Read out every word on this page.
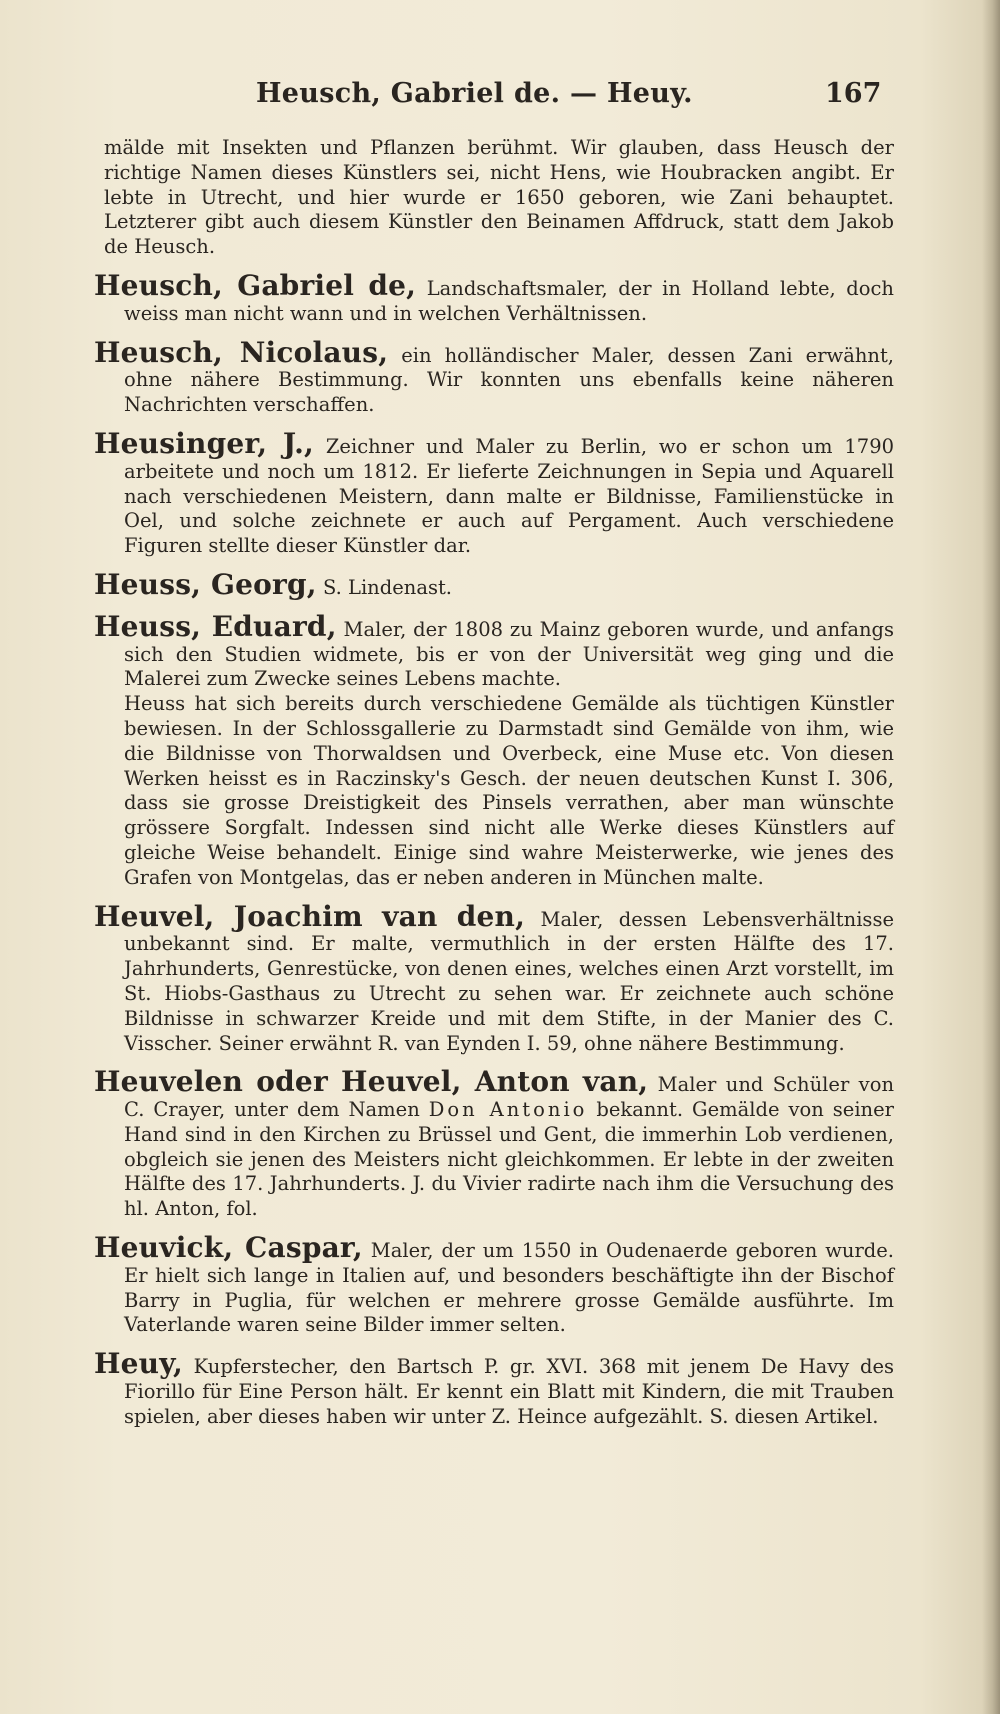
Heusch, Gabriel de. — Heuy.	167

mälde mit Insekten und Pflanzen berühmt. Wir glauben, dass Heusch der richtige Namen dieses Künstlers sei, nicht Hens, wie Houbracken angibt. Er lebte in Utrecht, und hier wurde er 1650 geboren, wie Zani behauptet. Letzterer gibt auch diesem Künstler den Beinamen Affdruck, statt dem Jakob de Heusch.

Heusch, Gabriel de, Landschaftsmaler, der in Holland lebte, doch weiss man nicht wann und in welchen Verhältnissen.

Heusch, Nicolaus, ein holländischer Maler, dessen Zani erwähnt, ohne nähere Bestimmung. Wir konnten uns ebenfalls keine näheren Nachrichten verschaffen.

Heusinger, J., Zeichner und Maler zu Berlin, wo er schon um 1790 arbeitete und noch um 1812. Er lieferte Zeichnungen in Sepia und Aquarell nach verschiedenen Meistern, dann malte er Bildnisse, Familienstücke in Oel, und solche zeichnete er auch auf Pergament. Auch verschiedene Figuren stellte dieser Künstler dar.

Heuss, Georg, S. Lindenast.

Heuss, Eduard, Maler, der 1808 zu Mainz geboren wurde, und anfangs sich den Studien widmete, bis er von der Universität weg ging und die Malerei zum Zwecke seines Lebens machte.
Heuss hat sich bereits durch verschiedene Gemälde als tüchtigen Künstler bewiesen. In der Schlossgallerie zu Darmstadt sind Gemälde von ihm, wie die Bildnisse von Thorwaldsen und Overbeck, eine Muse etc. Von diesen Werken heisst es in Raczinsky's Gesch. der neuen deutschen Kunst I. 306, dass sie grosse Dreistigkeit des Pinsels verrathen, aber man wünschte grössere Sorgfalt. Indessen sind nicht alle Werke dieses Künstlers auf gleiche Weise behandelt. Einige sind wahre Meisterwerke, wie jenes des Grafen von Montgelas, das er neben anderen in München malte.

Heuvel, Joachim van den, Maler, dessen Lebensverhältnisse unbekannt sind. Er malte, vermuthlich in der ersten Hälfte des 17. Jahrhunderts, Genrestücke, von denen eines, welches einen Arzt vorstellt, im St. Hiobs-Gasthaus zu Utrecht zu sehen war. Er zeichnete auch schöne Bildnisse in schwarzer Kreide und mit dem Stifte, in der Manier des C. Visscher. Seiner erwähnt R. van Eynden I. 59, ohne nähere Bestimmung.

Heuvelen oder Heuvel, Anton van, Maler und Schüler von C. Crayer, unter dem Namen Don Antonio bekannt. Gemälde von seiner Hand sind in den Kirchen zu Brüssel und Gent, die immerhin Lob verdienen, obgleich sie jenen des Meisters nicht gleichkommen. Er lebte in der zweiten Hälfte des 17. Jahrhunderts. J. du Vivier radirte nach ihm die Versuchung des hl. Anton, fol.

Heuvick, Caspar, Maler, der um 1550 in Oudenaerde geboren wurde. Er hielt sich lange in Italien auf, und besonders beschäftigte ihn der Bischof Barry in Puglia, für welchen er mehrere grosse Gemälde ausführte. Im Vaterlande waren seine Bilder immer selten.

Heuy, Kupferstecher, den Bartsch P. gr. XVI. 368 mit jenem De Havy des Fiorillo für Eine Person hält. Er kennt ein Blatt mit Kindern, die mit Trauben spielen, aber dieses haben wir unter Z. Heince aufgezählt. S. diesen Artikel.
